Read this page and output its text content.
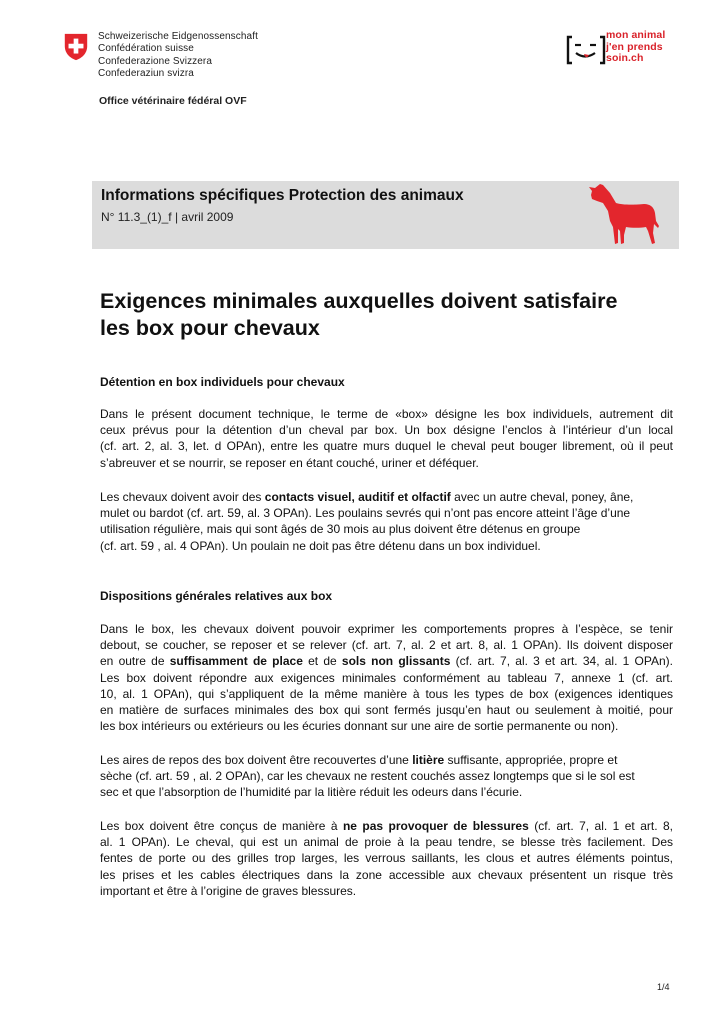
Schweizerische Eidgenossenschaft
Confédération suisse
Confederazione Svizzera
Confederaziun svizra
Office vétérinaire fédéral OVF
mon animal
j'en prends
soin.ch
Informations spécifiques Protection des animaux
N° 11.3_(1)_f | avril 2009
Exigences minimales auxquelles doivent satisfaire
les box pour chevaux
Détention en box individuels pour chevaux
Dans le présent document technique, le terme de «box» désigne les box individuels, autrement dit
ceux prévus pour la détention d’un cheval par box. Un box désigne l’enclos à l’intérieur d’un local
(cf. art. 2, al. 3, let. d OPAn), entre les quatre murs duquel le cheval peut bouger librement, où il peut
s’abreuver et se nourrir, se reposer en étant couché, uriner et déféquer.
Les chevaux doivent avoir des contacts visuel, auditif et olfactif avec un autre cheval, poney, âne,
mulet ou bardot (cf. art. 59, al. 3 OPAn). Les poulains sevrés qui n’ont pas encore atteint l’âge d’une
utilisation régulière, mais qui sont âgés de 30 mois au plus doivent être détenus en groupe
(cf. art. 59 , al. 4 OPAn). Un poulain ne doit pas être détenu dans un box individuel.
Dispositions générales relatives aux box
Dans le box, les chevaux doivent pouvoir exprimer les comportements propres à l’espèce, se tenir
debout, se coucher, se reposer et se relever (cf. art. 7, al. 2 et art. 8, al. 1 OPAn). Ils doivent disposer
en outre de suffisamment de place et de sols non glissants (cf. art. 7, al. 3 et art. 34, al. 1 OPAn).
Les box doivent répondre aux exigences minimales conformément au tableau 7, annexe 1 (cf. art.
10, al. 1 OPAn), qui s’appliquent de la même manière à tous les types de box (exigences identiques
en matière de surfaces minimales des box qui sont fermés jusqu’en haut ou seulement à moitié, pour
les box intérieurs ou extérieurs ou les écuries donnant sur une aire de sortie permanente ou non).
Les aires de repos des box doivent être recouvertes d’une litière suffisante, appropriée, propre et
sèche (cf. art. 59 , al. 2 OPAn), car les chevaux ne restent couchés assez longtemps que si le sol est
sec et que l’absorption de l’humidité par la litière réduit les odeurs dans l’écurie.
Les box doivent être conçus de manière à ne pas provoquer de blessures (cf. art. 7, al. 1 et art. 8,
al. 1 OPAn). Le cheval, qui est un animal de proie à la peau tendre, se blesse très facilement. Des
fentes de porte ou des grilles trop larges, les verrous saillants, les clous et autres éléments pointus,
les prises et les cables électriques dans la zone accessible aux chevaux présentent un risque très
important et être à l’origine de graves blessures.
1/4
